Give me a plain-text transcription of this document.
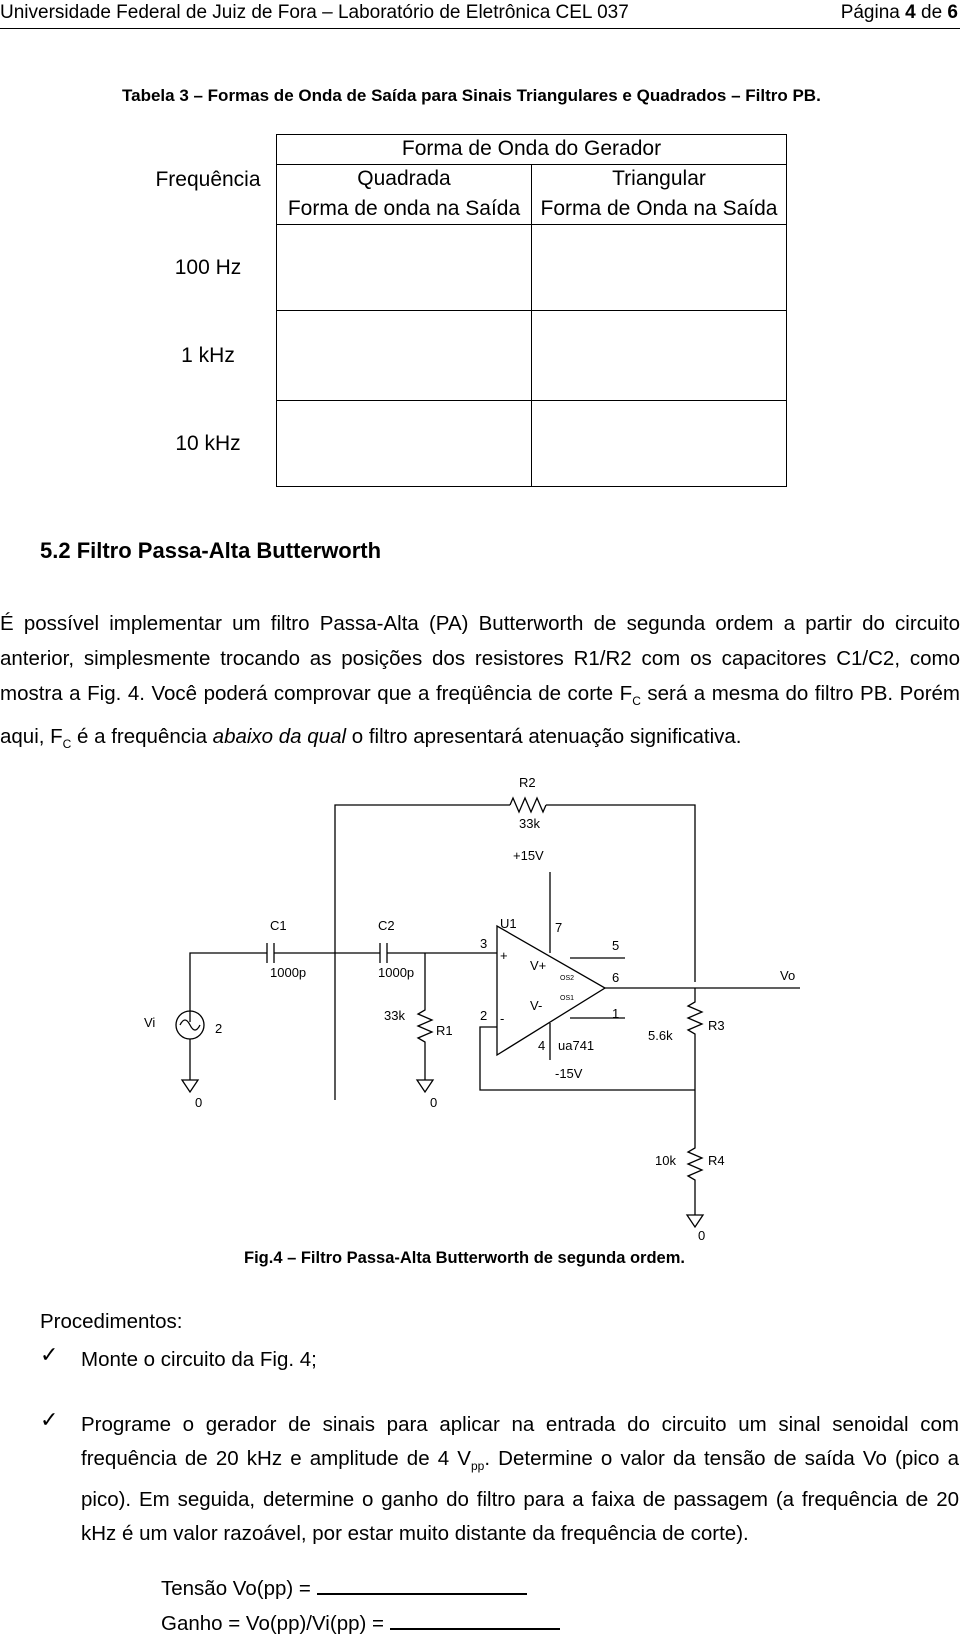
Universidade Federal de Juiz de Fora – Laboratório de Eletrônica CEL 037	Página 4 de 6
Tabela 3 – Formas de Onda de Saída para Sinais Triangulares e Quadrados – Filtro PB.
Frequência	Forma de Onda do Gerador	
	Quadrada	Triangular
	Forma de onda na Saída	Forma de Onda na Saída
100 Hz		
1 kHz		
10 kHz		
5.2 Filtro Passa-Alta Butterworth
É possível implementar um filtro Passa-Alta (PA) Butterworth de segunda ordem a partir do circuito anterior, simplesmente trocando as posições dos resistores R1/R2 com os capacitores C1/C2, como mostra a Fig. 4. Você poderá comprovar que a freqüência de corte $F_C$ será a mesma do filtro PB. Porém aqui, $F_C$ é a frequência abaixo da qual o filtro apresentará atenuação significativa.
R2
33k
+15V
C1
1000p
C2
1000p
U1	7
5
6
3
2	1
4 ua741
V+
V-
OS2
OS1
+
-
-15V
Vi	2
0
33k
R1
0
Vo
R3
5.6k
R4
10k
0
Fig.4 – Filtro Passa-Alta Butterworth de segunda ordem.
Procedimentos:
✓ Monte o circuito da Fig. 4;
✓ Programe o gerador de sinais para aplicar na entrada do circuito um sinal senoidal com frequência de 20 kHz e amplitude de 4 $V_{pp}$. Determine o valor da tensão de saída Vo (pico a pico). Em seguida, determine o ganho do filtro para a faixa de passagem (a frequência de 20 kHz é um valor razoável, por estar muito distante da frequência de corte).
Tensão Vo(pp) =
Ganho = Vo(pp)/Vi(pp) =
